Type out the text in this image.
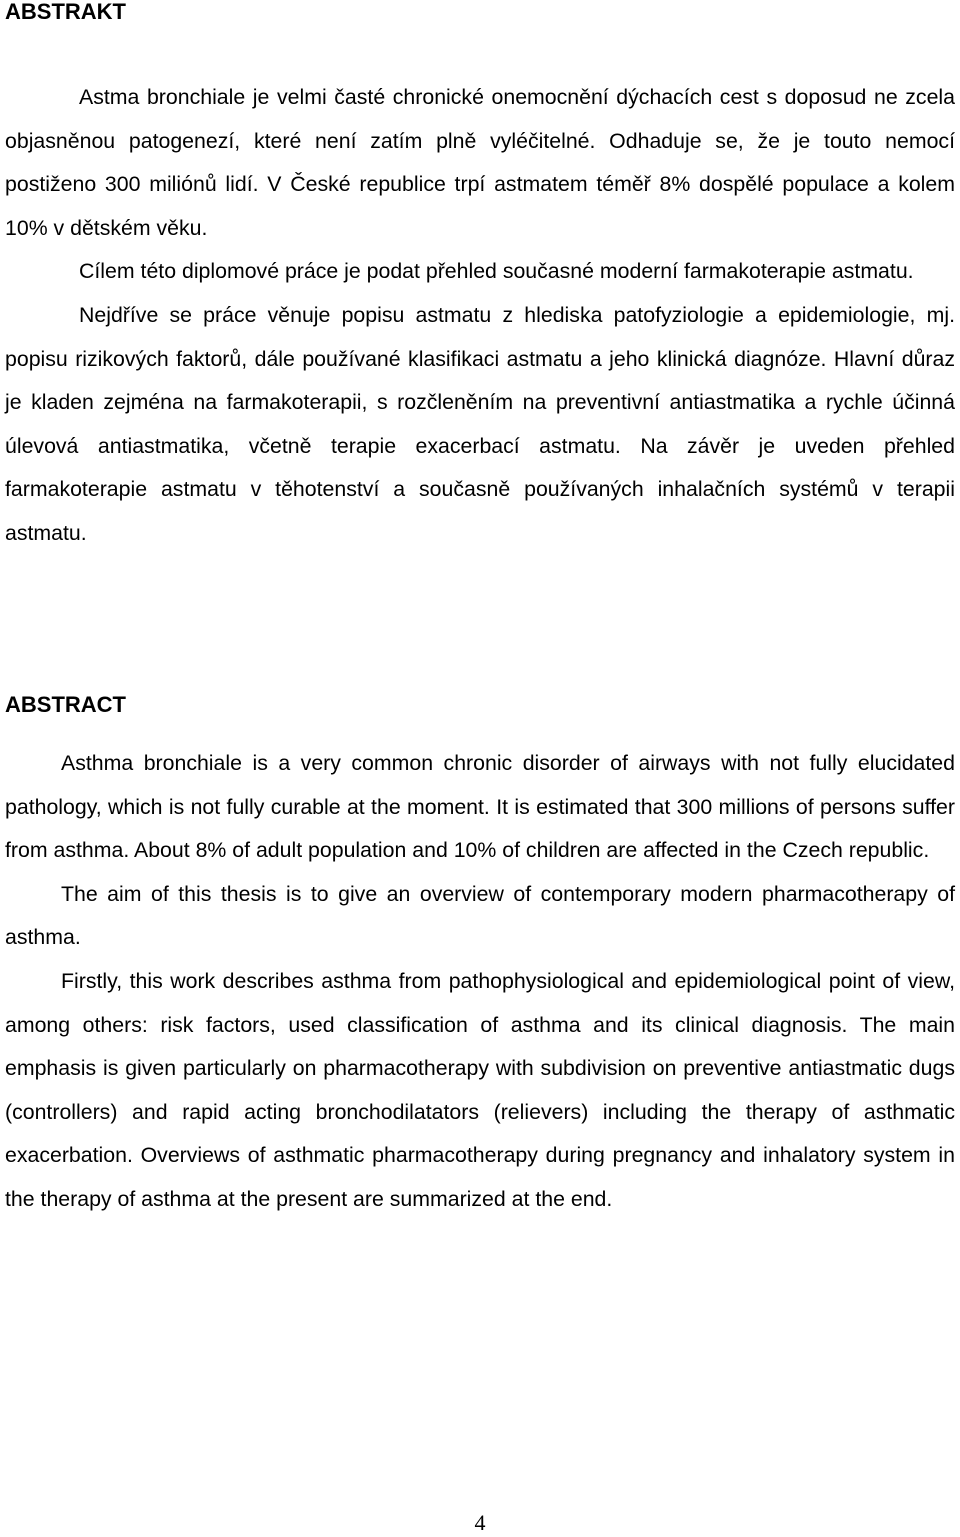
ABSTRAKT

Astma bronchiale je velmi časté chronické onemocnění dýchacích cest s doposud ne zcela objasněnou patogenezí, které není zatím plně vyléčitelné. Odhaduje se, že je touto nemocí postiženo 300 miliónů lidí. V České republice trpí astmatem téměř 8% dospělé populace a kolem 10% v dětském věku.

Cílem této diplomové práce je podat přehled současné moderní farmakoterapie astmatu.

Nejdříve se práce věnuje popisu astmatu z hlediska patofyziologie a epidemiologie, mj. popisu rizikových faktorů, dále používané klasifikaci astmatu a jeho klinická diagnóze. Hlavní důraz je kladen zejména na farmakoterapii, s rozčleněním na preventivní antiastmatika a rychle účinná úlevová antiastmatika, včetně terapie exacerbací astmatu. Na závěr je uveden přehled farmakoterapie astmatu v těhotenství a současně používaných inhalačních systémů v terapii astmatu.

ABSTRACT

Asthma bronchiale is a very common chronic disorder of airways with not fully elucidated pathology, which is not fully curable at the moment. It is estimated that 300 millions of persons suffer from asthma. About 8% of adult population and 10% of children are affected in the Czech republic.

The aim of this thesis is to give an overview of contemporary modern pharmacotherapy of asthma.

Firstly, this work describes asthma from pathophysiological and epidemiological point of view, among others: risk factors, used classification of asthma and its clinical diagnosis. The main emphasis is given particularly on pharmacotherapy with subdivision on preventive antiastmatic dugs (controllers) and rapid acting bronchodilatators (relievers) including the therapy of asthmatic exacerbation. Overviews of asthmatic pharmacotherapy during pregnancy and inhalatory system in the therapy of asthma at the present are summarized at the end.

4
